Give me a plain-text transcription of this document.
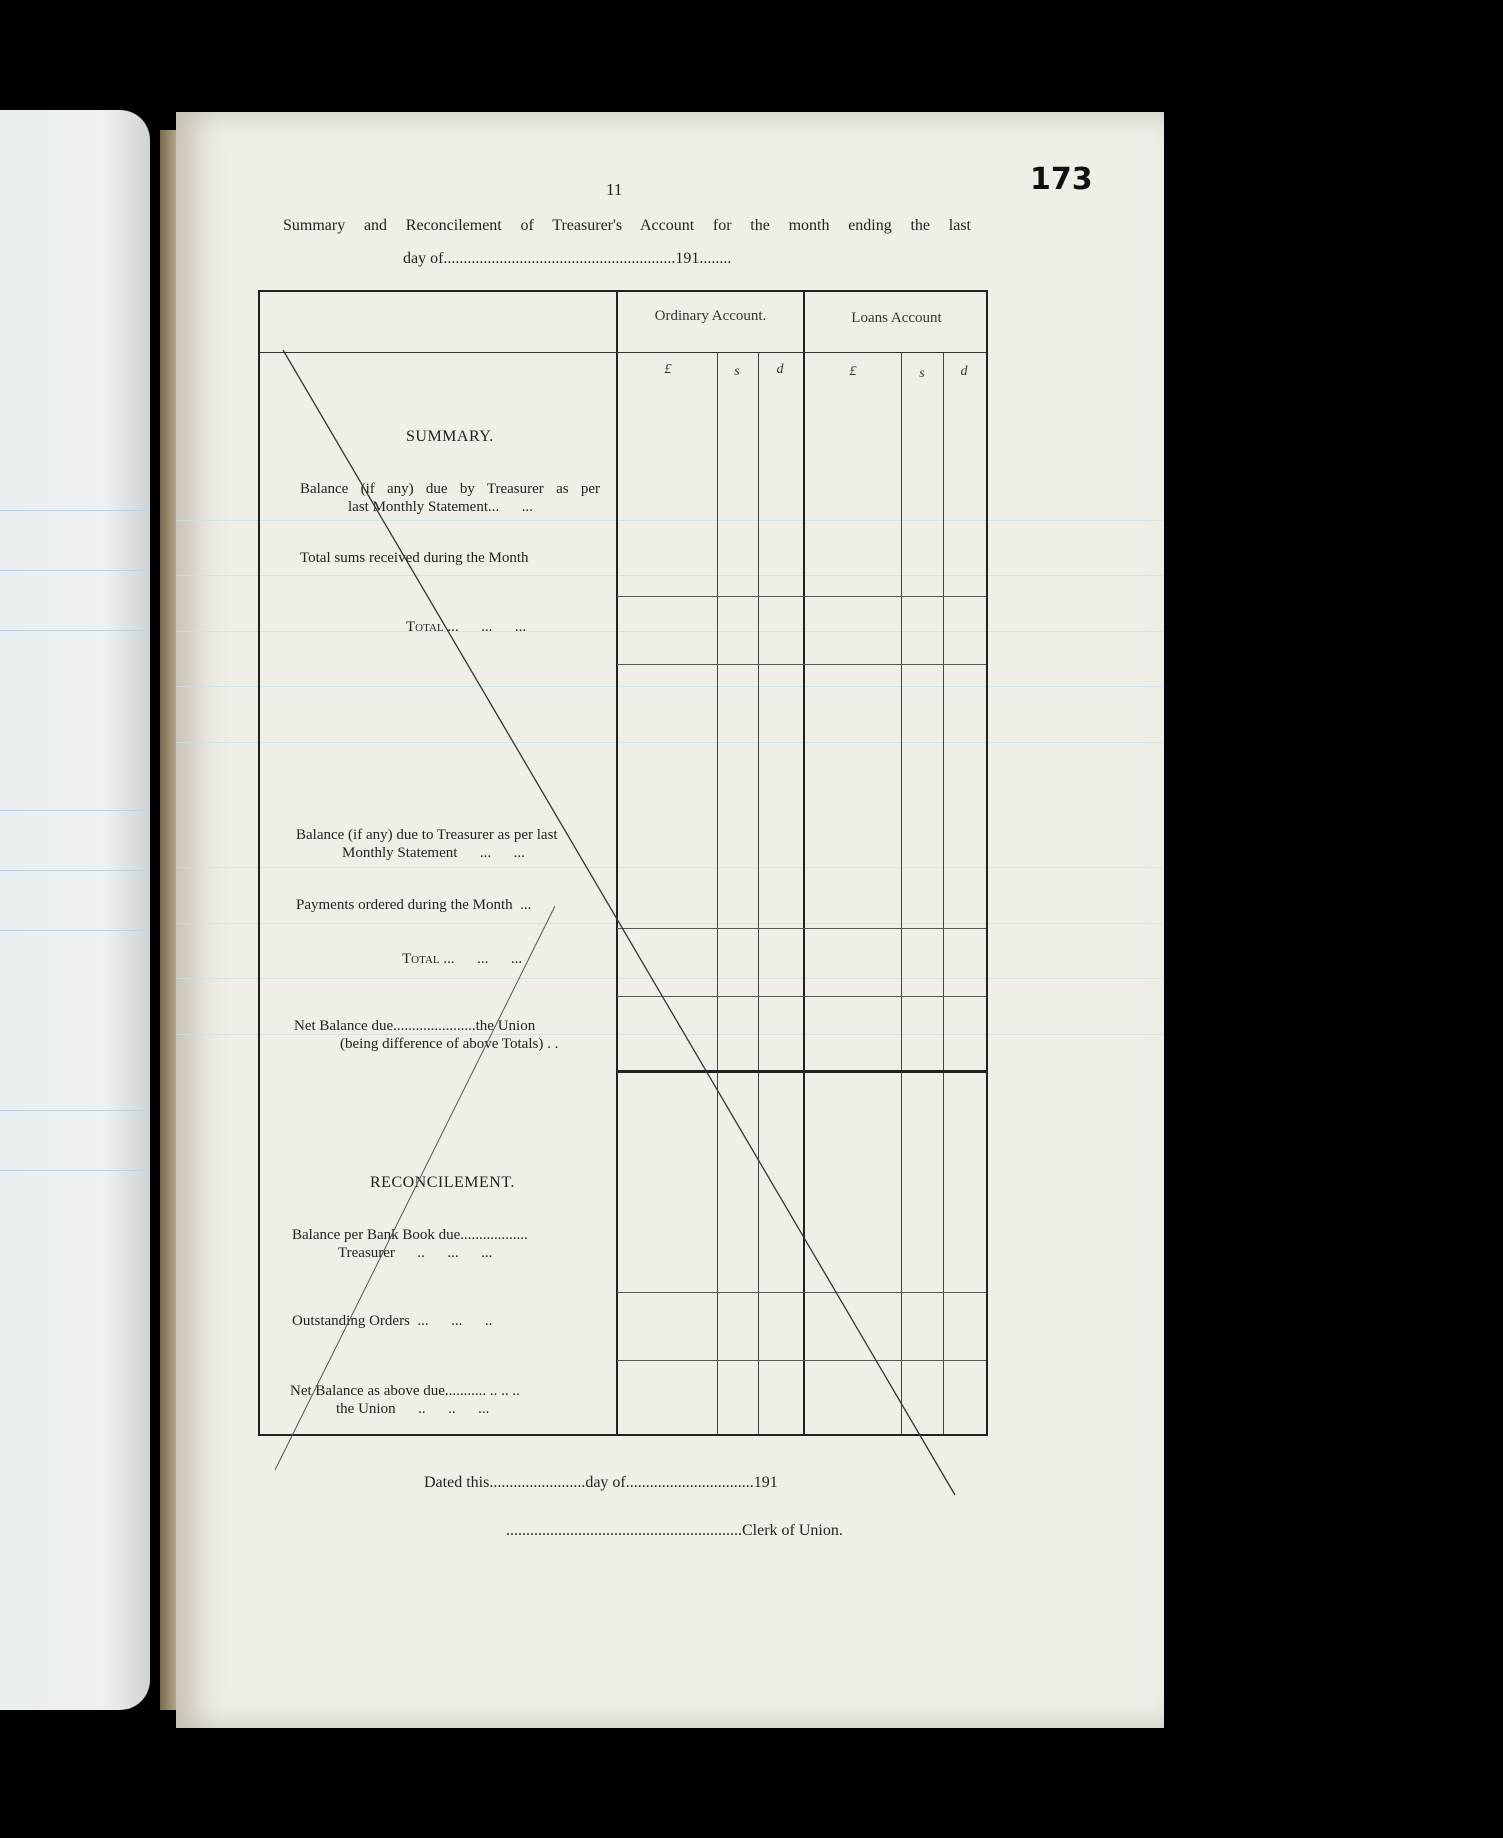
11	173
Summary and Reconcilement of Treasurer's Account for the month ending the last
day of..........................................................191........
Ordinary Account.	Loans Account
£	s	d	£	s	d
SUMMARY.
Balance (if any) due by Treasurer as per
last Monthly Statement...      ...
Total sums received during the Month
Total ...      ...      ...
Balance (if any) due to Treasurer as per last
Monthly Statement      ...      ...
Payments ordered during the Month  ...
Total ...      ...      ...
Net Balance due......................the Union
(being difference of above Totals) . .
RECONCILEMENT.
Balance per Bank Book due..................
Treasurer      ..      ...      ...
Outstanding Orders  ...      ...      ..
Net Balance as above due........... .. .. ..
the Union      ..      ..      ...
Dated this........................day of................................191
...........................................................Clerk of Union.
